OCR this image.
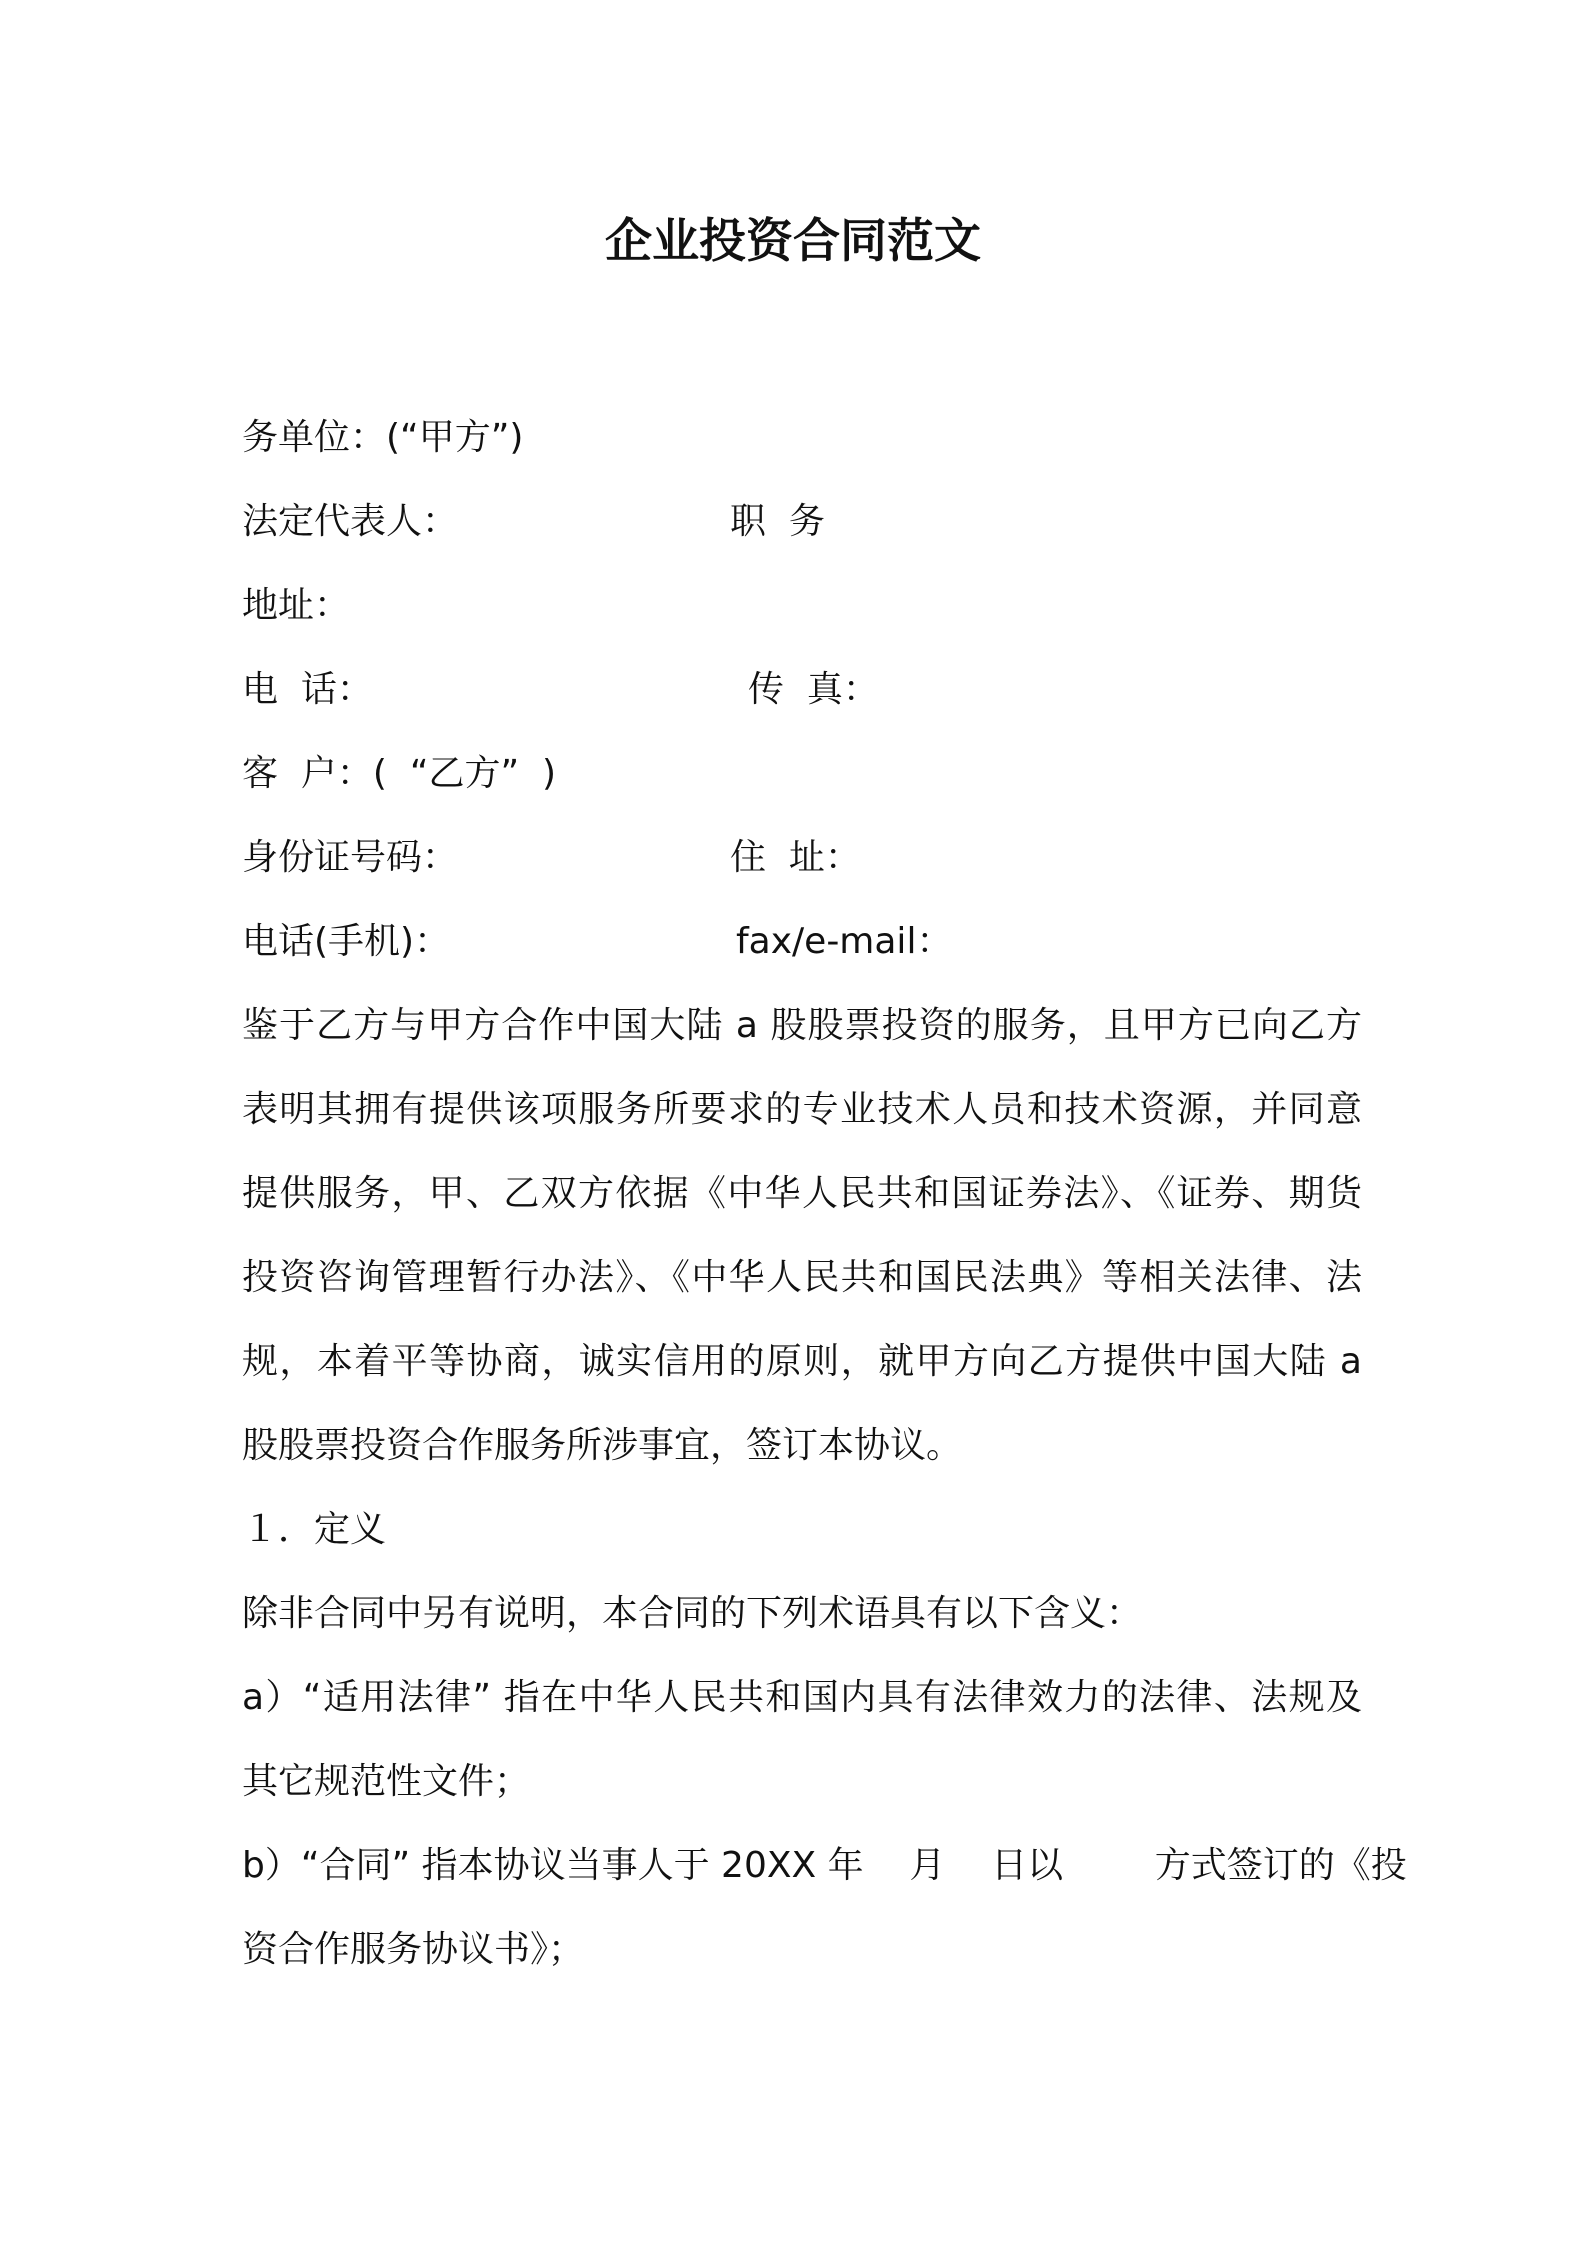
企业投资合同范文
务单位：(“甲方”)
法定代表人：	职  务
地址：
电  话：	传  真：
客  户：(  “乙方”  )
身份证号码：	住  址：
电话(手机)：	fax/e-mail：
鉴于乙方与甲方合作中国大陆 a 股股票投资的服务，且甲方已向乙方
表明其拥有提供该项服务所要求的专业技术人员和技术资源，并同意
提供服务，甲、乙双方依据《中华人民共和国证券法》、《证券、期货
投资咨询管理暂行办法》、《中华人民共和国民法典》等相关法律、法
规，本着平等协商，诚实信用的原则，就甲方向乙方提供中国大陆 a
股股票投资合作服务所涉事宜，签订本协议。
１．定义
除非合同中另有说明，本合同的下列术语具有以下含义：
a）“适用法律” 指在中华人民共和国内具有法律效力的法律、法规及
其它规范性文件；
b）“合同” 指本协议当事人于 20XX 年    月    日以        方式签订的《投
资合作服务协议书》；
